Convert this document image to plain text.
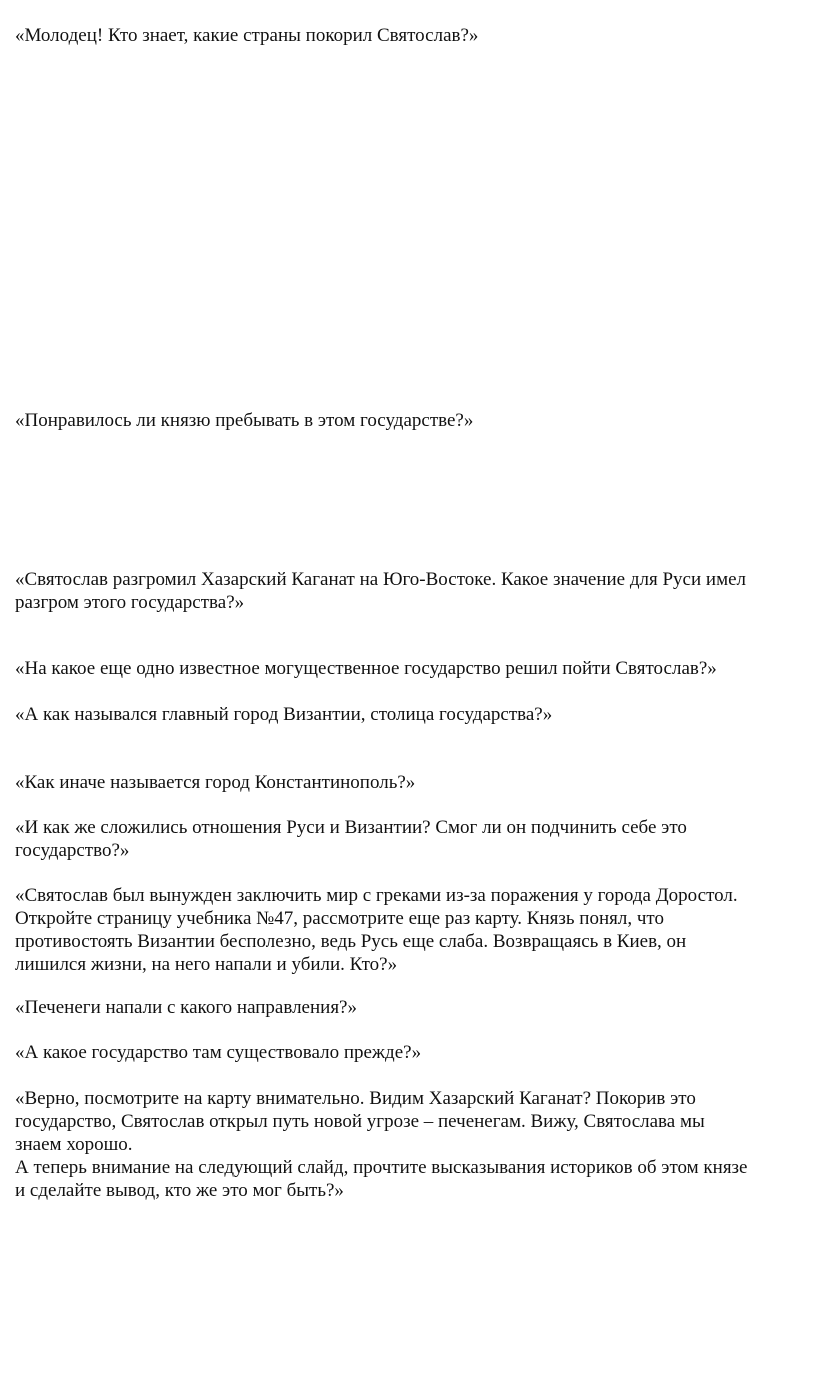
«Молодец! Кто знает, какие страны покорил Святослав?»

«Понравилось ли князю пребывать в этом государстве?»

«Святослав разгромил Хазарский Каганат на Юго-Востоке. Какое значение для Руси имел
разгром этого государства?»

«На какое еще одно известное могущественное государство решил пойти Святослав?»

«А как назывался главный город Византии, столица государства?»

«Как иначе называется город Константинополь?»

«И как же сложились отношения Руси и Византии? Смог ли он подчинить себе это
государство?»

«Святослав был вынужден заключить мир с греками из-за поражения у города Доростол.
Откройте страницу учебника №47, рассмотрите еще раз карту. Князь понял, что
противостоять Византии бесполезно, ведь Русь еще слаба. Возвращаясь в Киев, он
лишился жизни, на него напали и убили. Кто?»

«Печенеги напали с какого направления?»

«А какое государство там существовало прежде?»

«Верно, посмотрите на карту внимательно. Видим Хазарский Каганат? Покорив это
государство, Святослав открыл путь новой угрозе – печенегам. Вижу, Святослава мы
знаем хорошо.
А теперь внимание на следующий слайд, прочтите высказывания историков об этом князе
и сделайте вывод, кто же это мог быть?»
